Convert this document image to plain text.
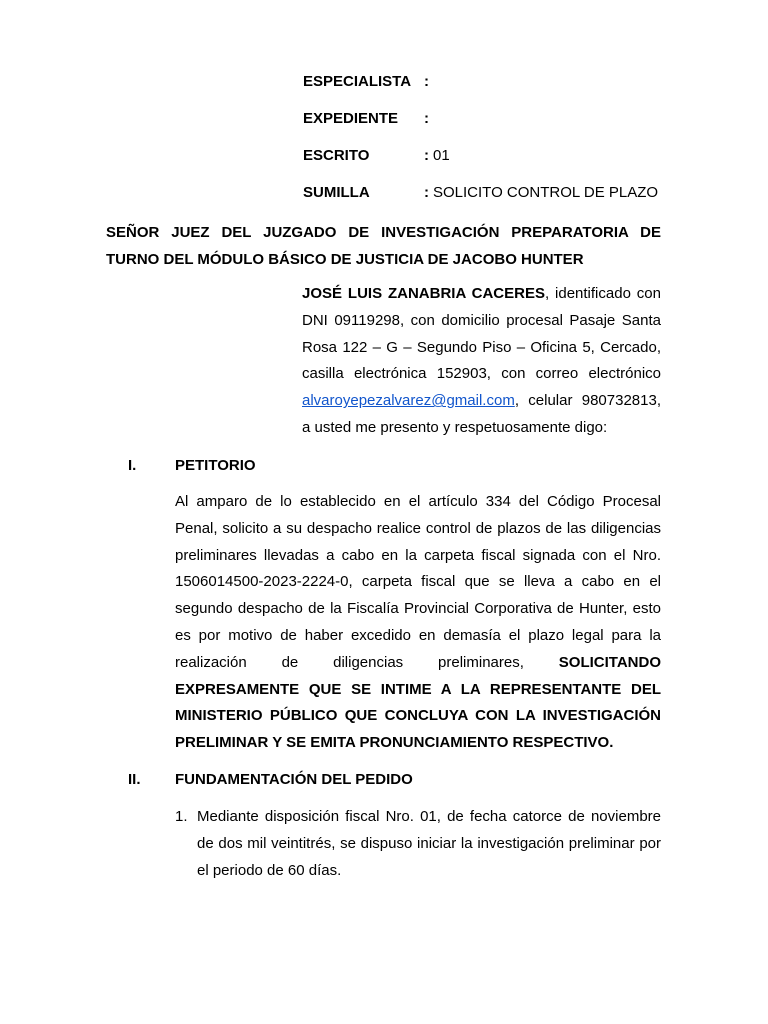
ESPECIALISTA :
EXPEDIENTE :
ESCRITO	: 01
SUMILLA	: SOLICITO CONTROL DE PLAZO
SEÑOR JUEZ DEL JUZGADO DE INVESTIGACIÓN PREPARATORIA DE
TURNO DEL MÓDULO BÁSICO DE JUSTICIA DE JACOBO HUNTER
JOSÉ LUIS ZANABRIA CACERES, identificado con
DNI 09119298, con domicilio procesal Pasaje Santa
Rosa 122 – G – Segundo Piso – Oficina 5, Cercado,
casilla electrónica 152903, con correo electrónico
alvaroyepezalvarez@gmail.com, celular 980732813,
a usted me presento y respetuosamente digo:
I.	PETITORIO
Al amparo de lo establecido en el artículo 334 del Código Procesal
Penal, solicito a su despacho realice control de plazos de las diligencias
preliminares llevadas a cabo en la carpeta fiscal signada con el Nro.
1506014500-2023-2224-0, carpeta fiscal que se lleva a cabo en el
segundo despacho de la Fiscalía Provincial Corporativa de Hunter, esto
es por motivo de haber excedido en demasía el plazo legal para la
realización de diligencias preliminares, SOLICITANDO
EXPRESAMENTE QUE SE INTIME A LA REPRESENTANTE DEL
MINISTERIO PÚBLICO QUE CONCLUYA CON LA INVESTIGACIÓN
PRELIMINAR Y SE EMITA PRONUNCIAMIENTO RESPECTIVO.
II. FUNDAMENTACIÓN DEL PEDIDO
1. Mediante disposición fiscal Nro. 01, de fecha catorce de noviembre
de dos mil veintitrés, se dispuso iniciar la investigación preliminar por
el periodo de 60 días.
